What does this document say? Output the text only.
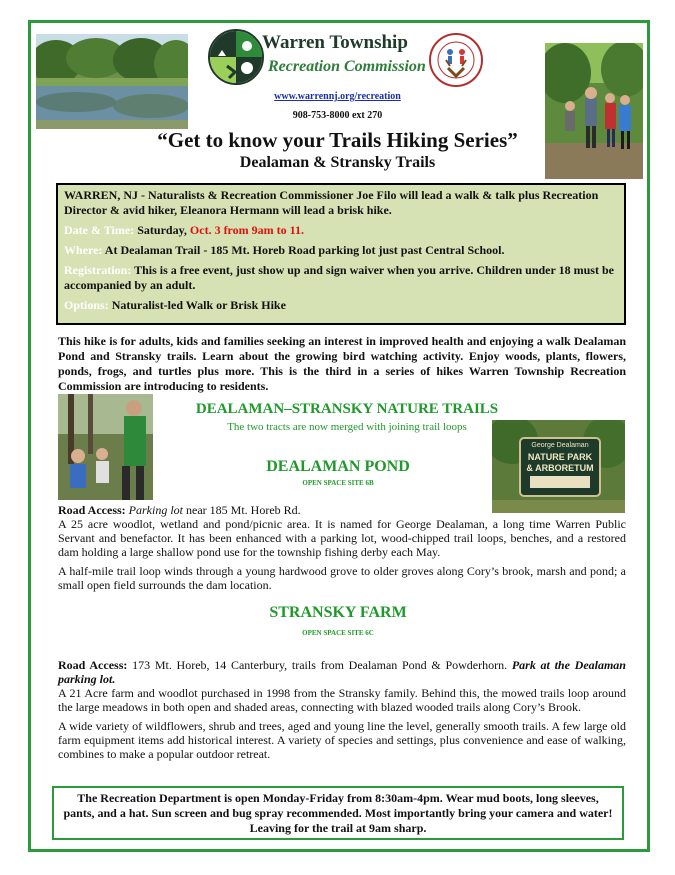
Warren Township
Recreation Commission
www.warrennj.org/recreation
908-753-8000 ext 270
“Get to know your Trails Hiking Series”
Dealaman & Stransky Trails

WARREN, NJ - Naturalists & Recreation Commissioner Joe Filo will lead a walk & talk plus Recreation Director & avid hiker, Eleanora Hermann will lead a brisk hike.

Date & Time: Saturday, Oct. 3 from 9am to 11.

Where: At Dealaman Trail - 185 Mt. Horeb Road parking lot just past Central School.

Registration: This is a free event, just show up and sign waiver when you arrive. Children under 18 must be accompanied by an adult.

Options: Naturalist-led Walk or Brisk Hike

This hike is for adults, kids and families seeking an interest in improved health and enjoying a walk Dealaman Pond and Stransky trails. Learn about the growing bird watching activity. Enjoy woods, plants, flowers, ponds, frogs, and turtles plus more. This is the third in a series of hikes Warren Township Recreation Commission are introducing to residents.
DEALAMAN–STRANSKY NATURE TRAILS
The two tracts are now merged with joining trail loops
George Dealaman
NATURE PARK
& ARBORETUM
DEALAMAN POND
OPEN SPACE SITE 6B

Road Access: Parking lot near 185 Mt. Horeb Rd.

A 25 acre woodlot, wetland and pond/picnic area. It is named for George Dealaman, a long time Warren Public Servant and benefactor. It has been enhanced with a parking lot, wood-chipped trail loops, benches, and a restored dam holding a large shallow pond use for the township fishing derby each May.

A half-mile trail loop winds through a young hardwood grove to older groves along Cory’s brook, marsh and pond; a small open field surrounds the dam location.

STRANSKY FARM
OPEN SPACE SITE 6C

Road Access: 173 Mt. Horeb, 14 Canterbury, trails from Dealaman Pond & Powderhorn. Park at the Dealaman parking lot.

A 21 Acre farm and woodlot purchased in 1998 from the Stransky family. Behind this, the mowed trails loop around the large meadows in both open and shaded areas, connecting with blazed wooded trails along Cory’s Brook.

A wide variety of wildflowers, shrub and trees, aged and young line the level, generally smooth trails. A few large old farm equipment items add historical interest. A variety of species and settings, plus convenience and ease of walking, combines to make a popular outdoor retreat.

The Recreation Department is open Monday-Friday from 8:30am-4pm. Wear mud boots, long sleeves, pants, and a hat. Sun screen and bug spray recommended. Most importantly bring your camera and water! Leaving for the trail at 9am sharp.
